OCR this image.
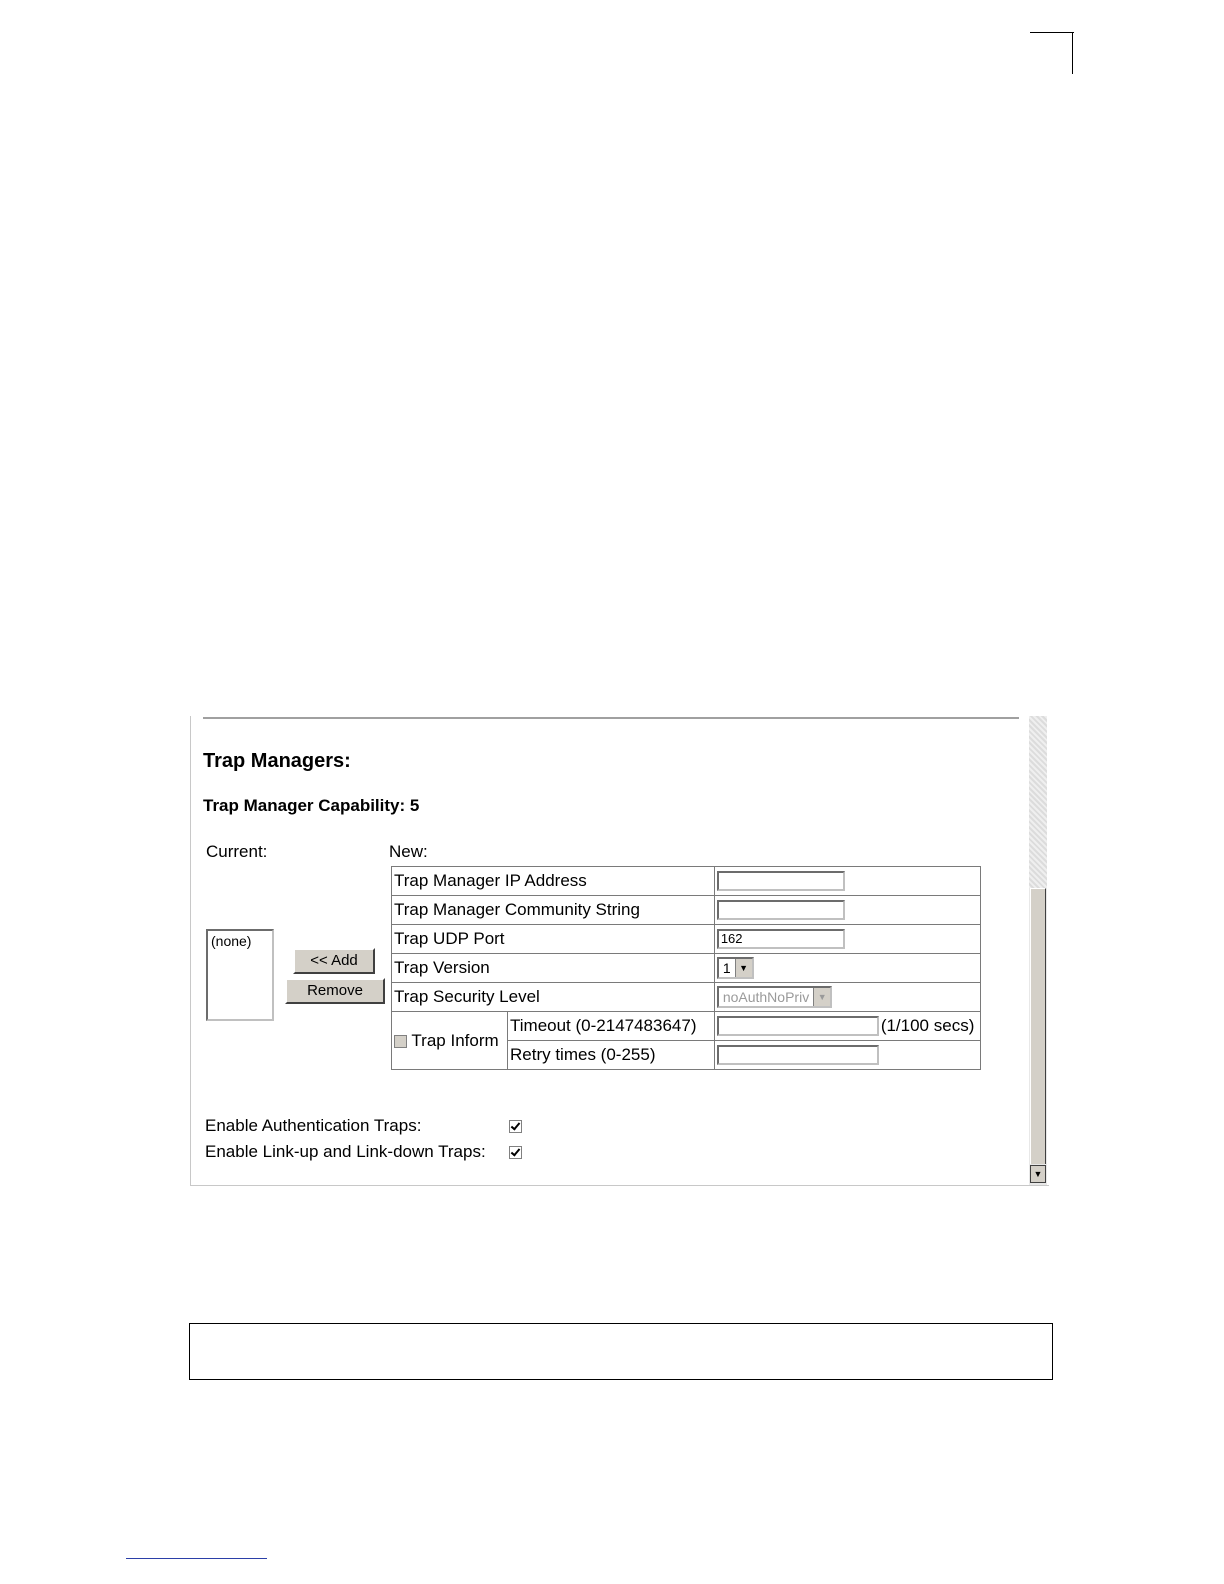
Trap Managers:
Trap Manager Capability: 5
Current:	New:
(none)
<< Add
Remove
Trap Manager IP Address		
Trap Manager Community String		
Trap UDP Port		162
Trap Version		1 ▼

Trap Security Level		noAuthNoPriv ▼

Trap Inform	Timeout (0-2147483647)	(1/100 secs)
	Retry times (0-255)	
Enable Authentication Traps:
Enable Link-up and Link-down Traps:
▼
